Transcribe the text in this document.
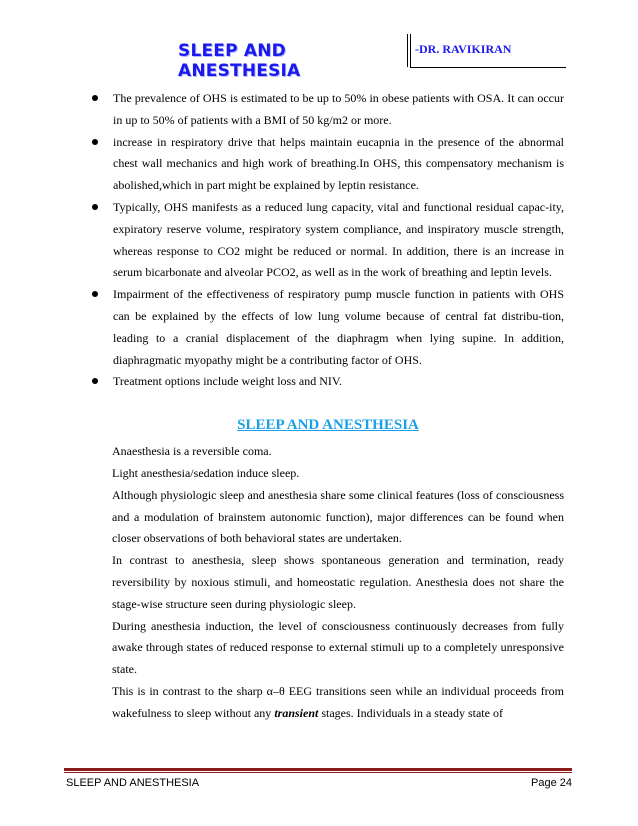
SLEEP AND ANESTHESIA
-DR. RAVIKIRAN
The prevalence of OHS is estimated to be up to 50% in obese patients with OSA. It can occur in up to 50% of patients with a BMI of 50 kg/m2 or more.
increase in respiratory drive that helps maintain eucapnia in the presence of the abnormal chest wall mechanics and high work of breathing.In OHS, this compensatory mechanism is abolished,which in part might be explained by leptin resistance.
Typically, OHS manifests as a reduced lung capacity, vital and functional residual capac-ity, expiratory reserve volume, respiratory system compliance, and inspiratory muscle strength, whereas response to CO2 might be reduced or normal. In addition, there is an increase in serum bicarbonate and alveolar PCO2, as well as in the work of breathing and leptin levels.
Impairment of the effectiveness of respiratory pump muscle function in patients with OHS can be explained by the effects of low lung volume because of central fat distribu-tion, leading to a cranial displacement of the diaphragm when lying supine. In addition, diaphragmatic myopathy might be a contributing factor of OHS.
Treatment options include weight loss and NIV.
SLEEP AND ANESTHESIA

Anaesthesia is a reversible coma.

Light anesthesia/sedation induce sleep.

Although physiologic sleep and anesthesia share some clinical features (loss of consciousness and a modulation of brainstem autonomic function), major differences can be found when closer observations of both behavioral states are undertaken.

In contrast to anesthesia, sleep shows spontaneous generation and termination, ready reversibility by noxious stimuli, and homeostatic regulation. Anesthesia does not share the stage-wise structure seen during physiologic sleep.

During anesthesia induction, the level of consciousness continuously decreases from fully awake through states of reduced response to external stimuli up to a completely unresponsive state.

This is in contrast to the sharp α–θ EEG transitions seen while an individual proceeds from wakefulness to sleep without any transient stages. Individuals in a steady state of

SLEEP AND ANESTHESIA	Page 24
